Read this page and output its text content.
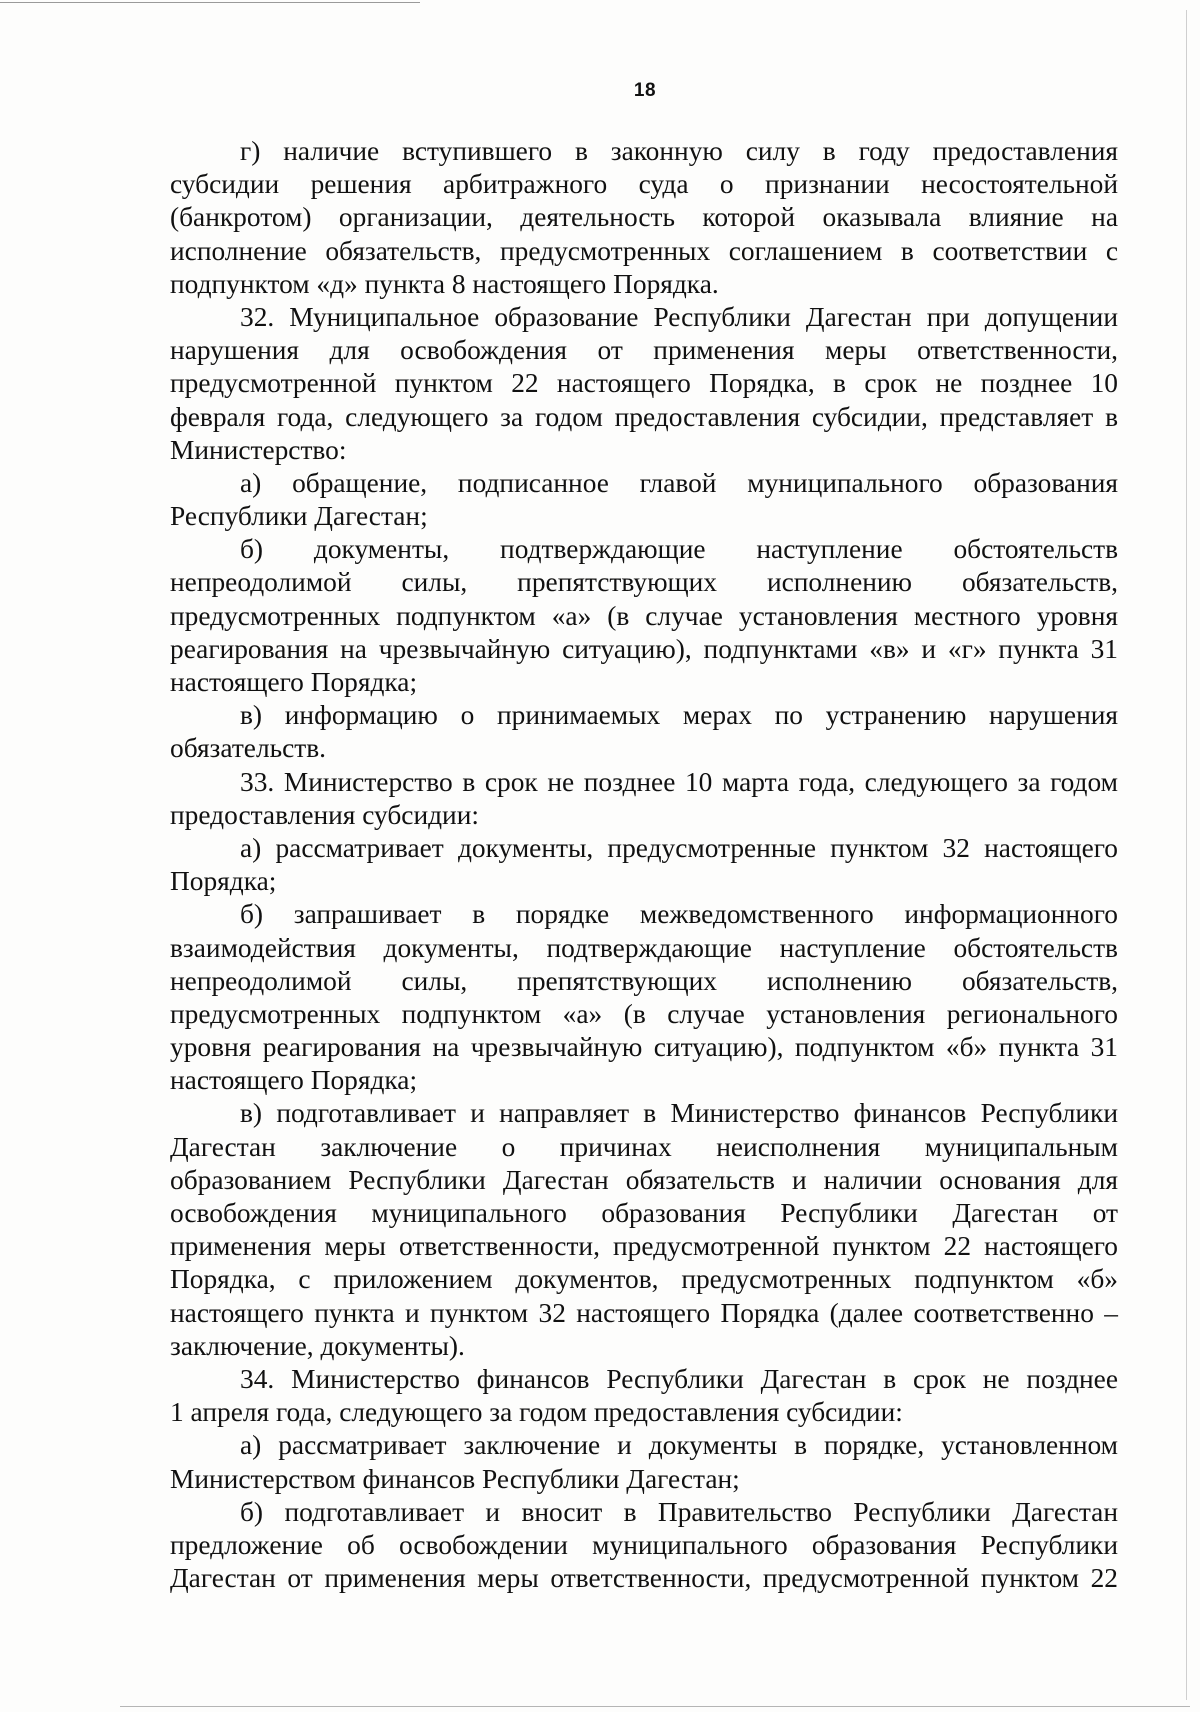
18
г) наличие вступившего в законную силу в году предоставления
субсидии решения арбитражного суда о признании несостоятельной
(банкротом) организации, деятельность которой оказывала влияние на
исполнение обязательств, предусмотренных соглашением в соответствии с
подпунктом «д» пункта 8 настоящего Порядка.
32. Муниципальное образование Республики Дагестан при допущении
нарушения для освобождения от применения меры ответственности,
предусмотренной пунктом 22 настоящего Порядка, в срок не позднее 10
февраля года, следующего за годом предоставления субсидии, представляет в
Министерство:
а) обращение, подписанное главой муниципального образования
Республики Дагестан;
б) документы, подтверждающие наступление обстоятельств
непреодолимой силы, препятствующих исполнению обязательств,
предусмотренных подпунктом «а» (в случае установления местного уровня
реагирования на чрезвычайную ситуацию), подпунктами «в» и «г» пункта 31
настоящего Порядка;
в) информацию о принимаемых мерах по устранению нарушения
обязательств.
33. Министерство в срок не позднее 10 марта года, следующего за годом
предоставления субсидии:
а) рассматривает документы, предусмотренные пунктом 32 настоящего
Порядка;
б) запрашивает в порядке межведомственного информационного
взаимодействия документы, подтверждающие наступление обстоятельств
непреодолимой силы, препятствующих исполнению обязательств,
предусмотренных подпунктом «а» (в случае установления регионального
уровня реагирования на чрезвычайную ситуацию), подпунктом «б» пункта 31
настоящего Порядка;
в) подготавливает и направляет в Министерство финансов Республики
Дагестан заключение о причинах неисполнения муниципальным
образованием Республики Дагестан обязательств и наличии основания для
освобождения муниципального образования Республики Дагестан от
применения меры ответственности, предусмотренной пунктом 22 настоящего
Порядка, с приложением документов, предусмотренных подпунктом «б»
настоящего пункта и пунктом 32 настоящего Порядка (далее соответственно –
заключение, документы).
34. Министерство финансов Республики Дагестан в срок не позднее
1 апреля года, следующего за годом предоставления субсидии:
а) рассматривает заключение и документы в порядке, установленном
Министерством финансов Республики Дагестан;
б) подготавливает и вносит в Правительство Республики Дагестан
предложение об освобождении муниципального образования Республики
Дагестан от применения меры ответственности, предусмотренной пунктом 22
